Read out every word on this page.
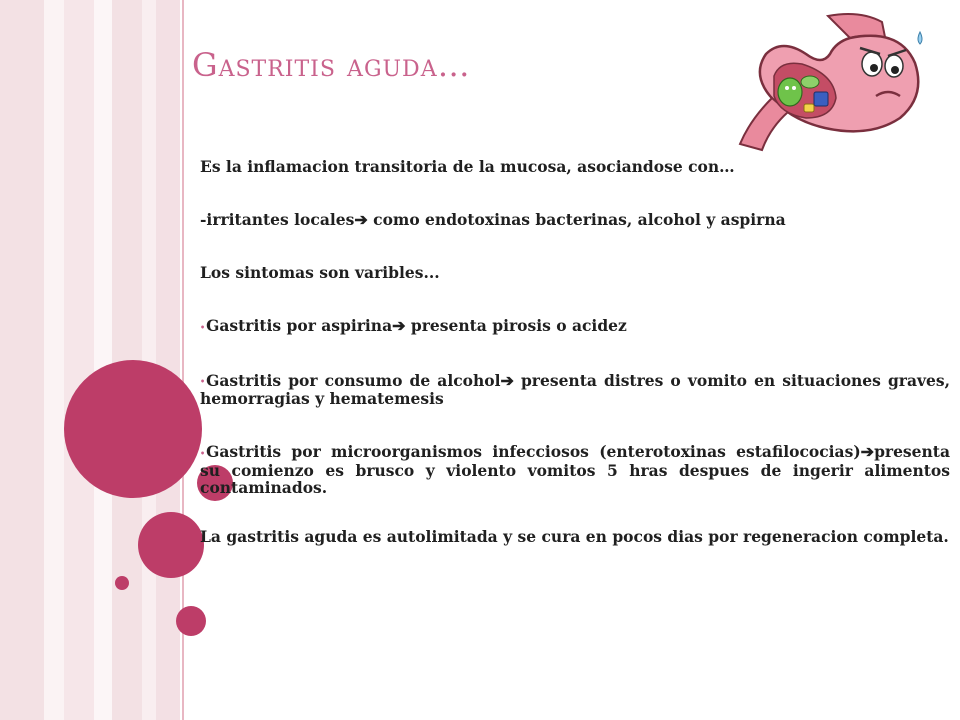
Gastritis aguda…

Es la inflamacion transitoria de la mucosa, asociandose con…

-irritantes locales➔ como endotoxinas bacterinas, alcohol y aspirna

Los sintomas son varibles...

•Gastritis por aspirina➔ presenta pirosis o acidez

•Gastritis por consumo de alcohol➔ presenta distres o vomito en situaciones graves, hemorragias y hematemesis

•Gastritis por microorganismos infecciosos (enterotoxinas estafilococias)➔presenta su comienzo es brusco y violento vomitos 5 hras despues de ingerir alimentos contaminados.

La gastritis aguda es autolimitada y se cura en pocos dias por regeneracion completa.
